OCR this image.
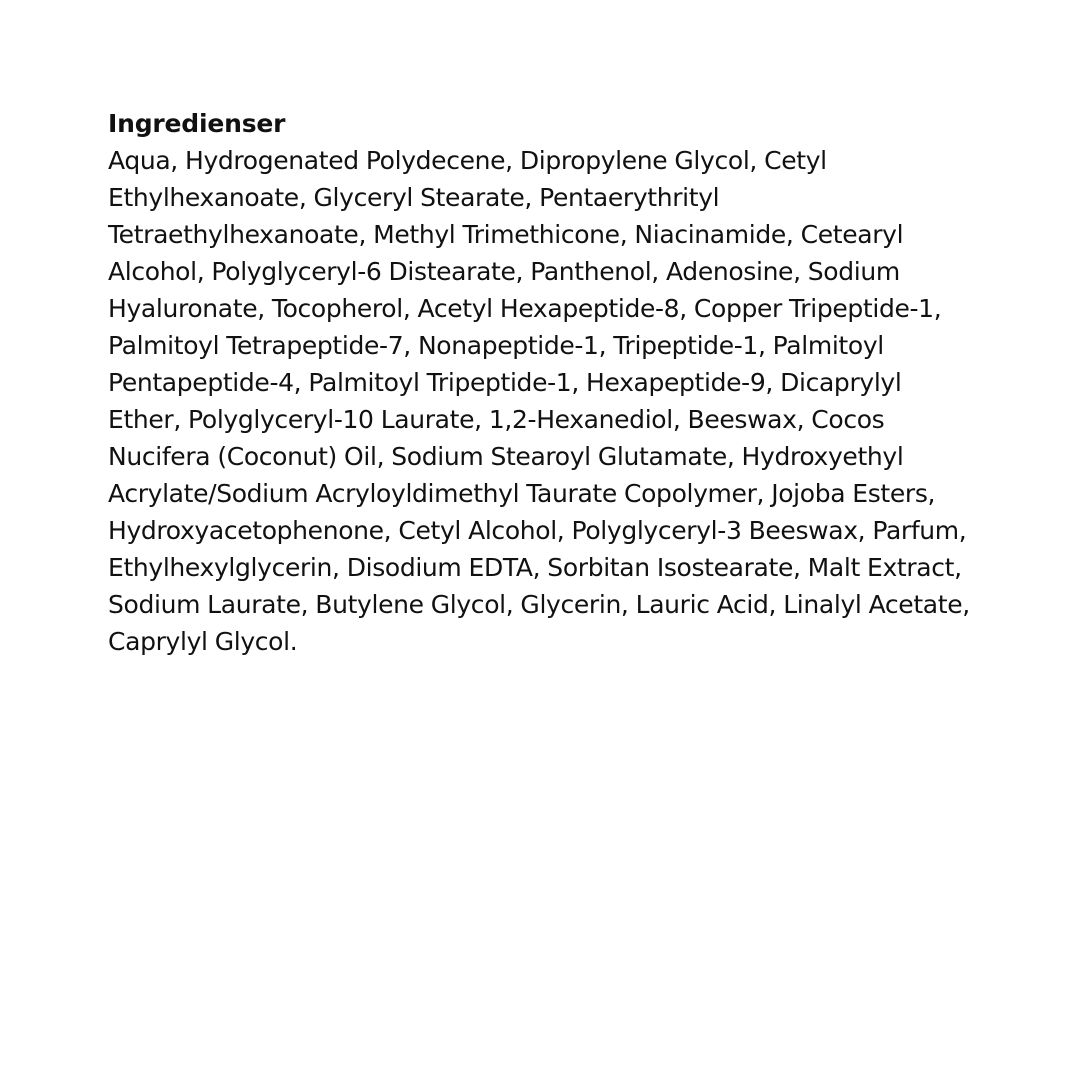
Ingredienser

Aqua, Hydrogenated Polydecene, Dipropylene Glycol, Cetyl Ethylhexanoate, Glyceryl Stearate, Pentaerythrityl Tetraethylhexanoate, Methyl Trimethicone, Niacinamide, Cetearyl Alcohol, Polyglyceryl-6 Distearate, Panthenol, Adenosine, Sodium Hyaluronate, Tocopherol, Acetyl Hexapeptide-8, Copper Tripeptide-1, Palmitoyl Tetrapeptide-7, Nonapeptide-1, Tripeptide-1, Palmitoyl Pentapeptide-4, Palmitoyl Tripeptide-1, Hexapeptide-9, Dicaprylyl Ether, Polyglyceryl-10 Laurate, 1,2-Hexanediol, Beeswax, Cocos Nucifera (Coconut) Oil, Sodium Stearoyl Glutamate, Hydroxyethyl Acrylate/Sodium Acryloyldimethyl Taurate Copolymer, Jojoba Esters, Hydroxyacetophenone, Cetyl Alcohol, Polyglyceryl-3 Beeswax, Parfum, Ethylhexylglycerin, Disodium EDTA, Sorbitan Isostearate, Malt Extract, Sodium Laurate, Butylene Glycol, Glycerin, Lauric Acid, Linalyl Acetate, Caprylyl Glycol.
